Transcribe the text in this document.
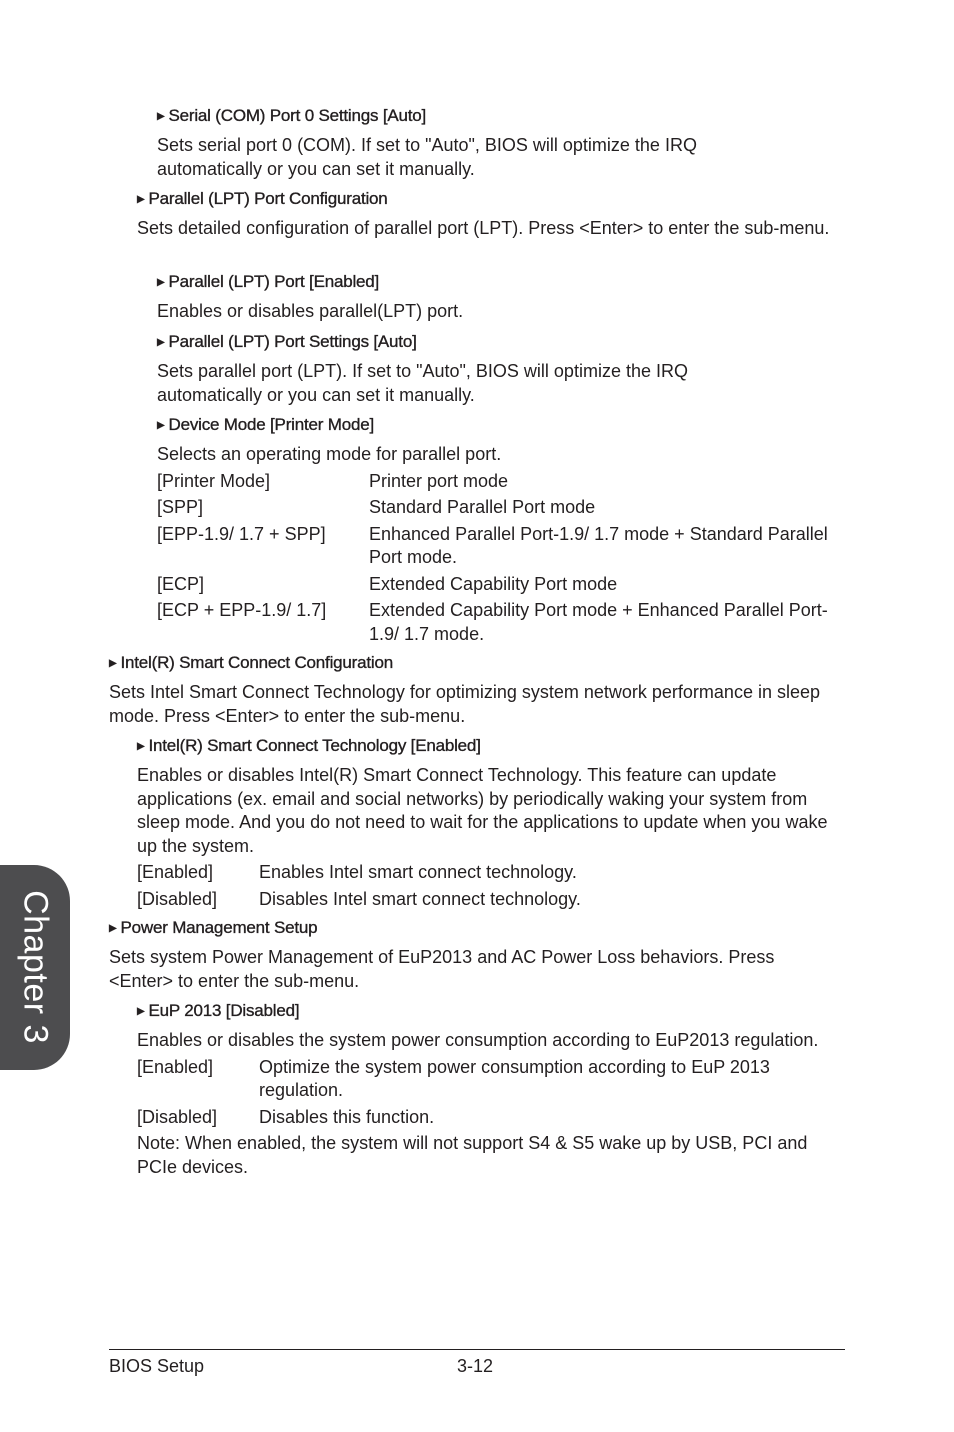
▶ Serial (COM) Port 0 Settings [Auto]
Sets serial port 0 (COM). If set to "Auto", BIOS will optimize the IRQ automatically or you can set it manually.
▶ Parallel (LPT) Port Configuration
Sets detailed configuration of parallel port (LPT). Press <Enter> to enter the sub-menu.
▶ Parallel (LPT) Port [Enabled]
Enables or disables parallel(LPT) port.
▶ Parallel (LPT) Port Settings [Auto]
Sets parallel port (LPT). If set to "Auto", BIOS will optimize the IRQ automatically or you can set it manually.
▶ Device Mode [Printer Mode]
Selects an operating mode for parallel port.
[Printer Mode]	Printer port mode
[SPP]	Standard Parallel Port mode
[EPP-1.9/ 1.7 + SPP] Enhanced Parallel Port-1.9/ 1.7 mode + Standard Parallel Port mode.
[ECP]	Extended Capability Port mode
[ECP + EPP-1.9/ 1.7] Extended Capability Port mode + Enhanced Parallel Port-1.9/ 1.7 mode.
▶ Intel(R) Smart Connect Configuration
Sets Intel Smart Connect Technology for optimizing system network performance in sleep mode. Press <Enter> to enter the sub-menu.
▶ Intel(R) Smart Connect Technology [Enabled]
Enables or disables Intel(R) Smart Connect Technology. This feature can update applications (ex. email and social networks) by periodically waking your system from sleep mode. And you do not need to wait for the applications to update when you wake up the system.
[Enabled]	Enables Intel smart connect technology.
[Disabled] Disables Intel smart connect technology.
▶ Power Management Setup
Sets system Power Management of EuP2013 and AC Power Loss behaviors. Press <Enter> to enter the sub-menu.
▶ EuP 2013 [Disabled]
Enables or disables the system power consumption according to EuP2013 regulation.
[Enabled]	Optimize the system power consumption according to EuP 2013 regulation.
[Disabled] Disables this function.
Note: When enabled, the system will not support S4 & S5 wake up by USB, PCI and PCIe devices.
Chapter 3
BIOS Setup	3-12
